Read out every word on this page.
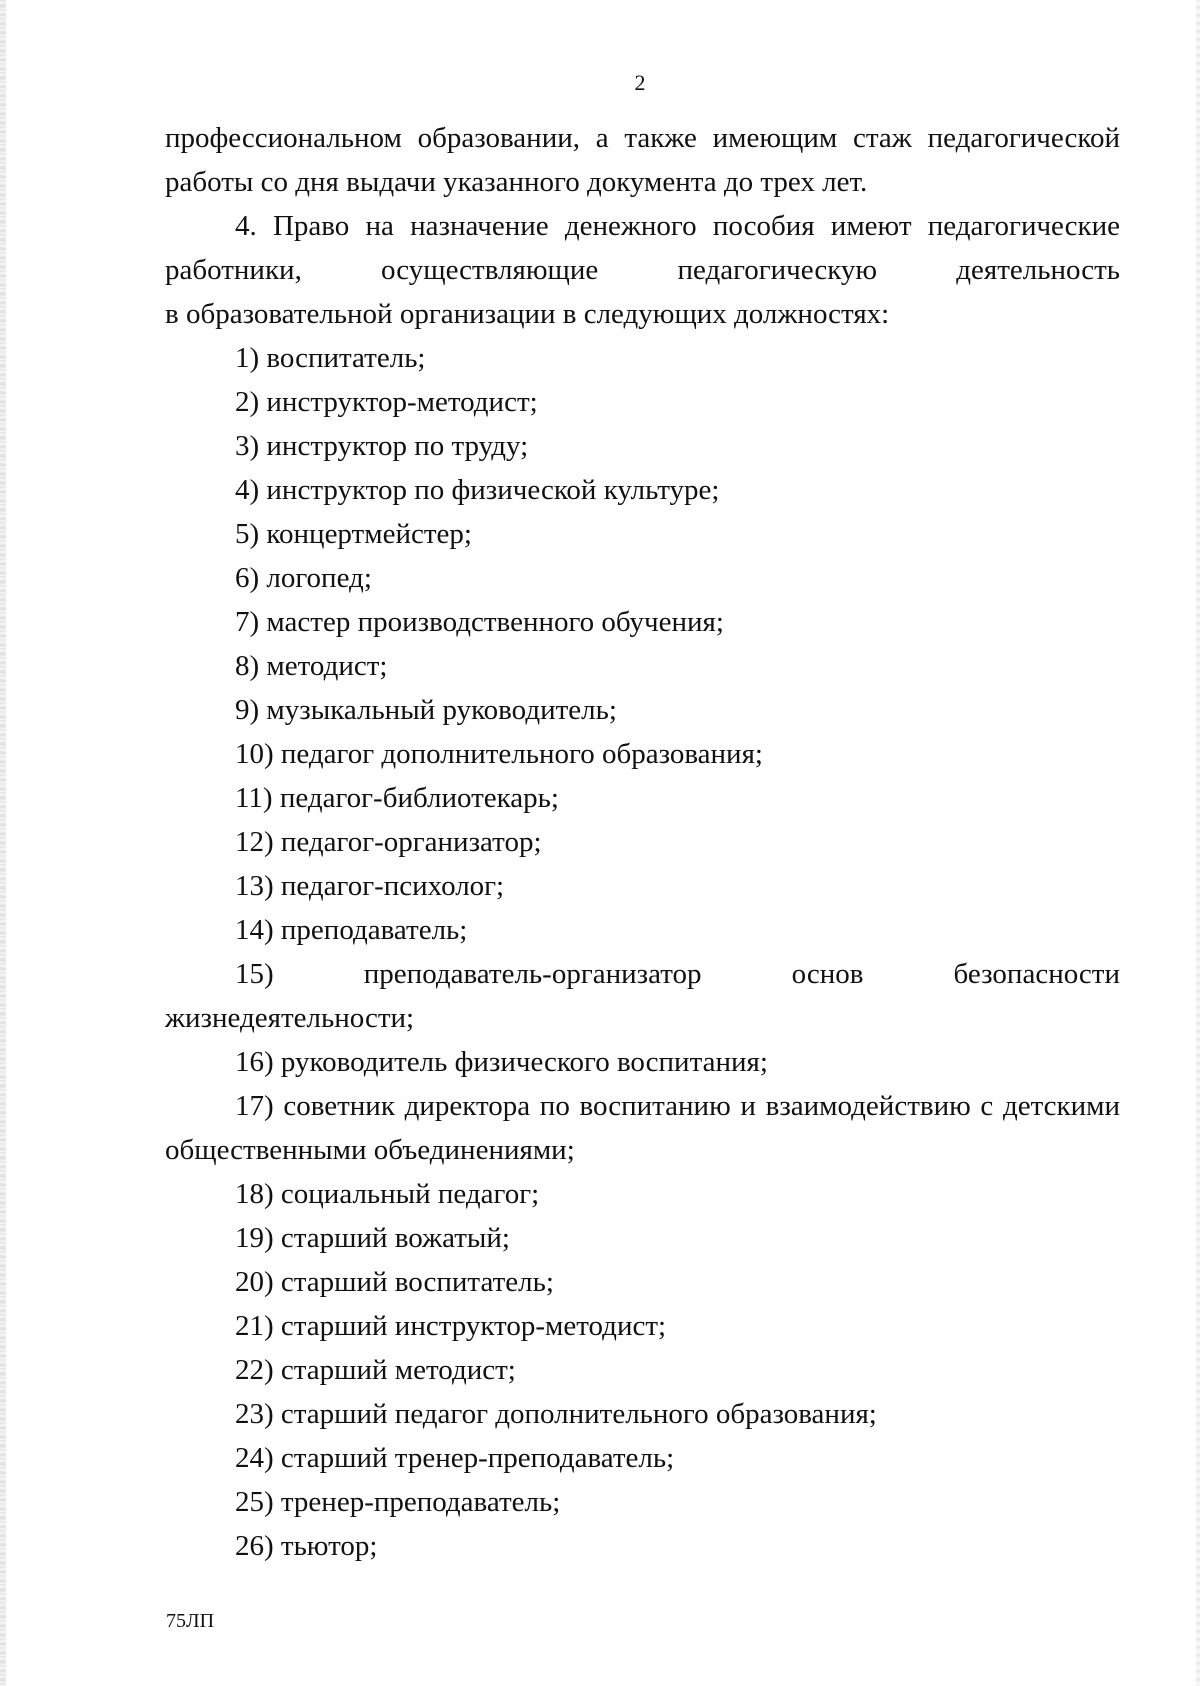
2

профессиональном образовании, а также имеющим стаж педагогической работы со дня выдачи указанного документа до трех лет.

4. Право на назначение денежного пособия имеют педагогические

работники, осуществляющие педагогическую деятельность

в образовательной организации в следующих должностях:

1) воспитатель;

2) инструктор-методист;

3) инструктор по труду;

4) инструктор по физической культуре;

5) концертмейстер;

6) логопед;

7) мастер производственного обучения;

8) методист;

9) музыкальный руководитель;

10) педагог дополнительного образования;

11) педагог-библиотекарь;

12) педагог-организатор;

13) педагог-психолог;

14) преподаватель;

15) преподаватель-организатор основ безопасности жизнедеятельности;

16) руководитель физического воспитания;

17) советник директора по воспитанию и взаимодействию с детскими общественными объединениями;

18) социальный педагог;

19) старший вожатый;

20) старший воспитатель;

21) старший инструктор-методист;

22) старший методист;

23) старший педагог дополнительного образования;

24) старший тренер-преподаватель;

25) тренер-преподаватель;

26) тьютор;

75ЛП
